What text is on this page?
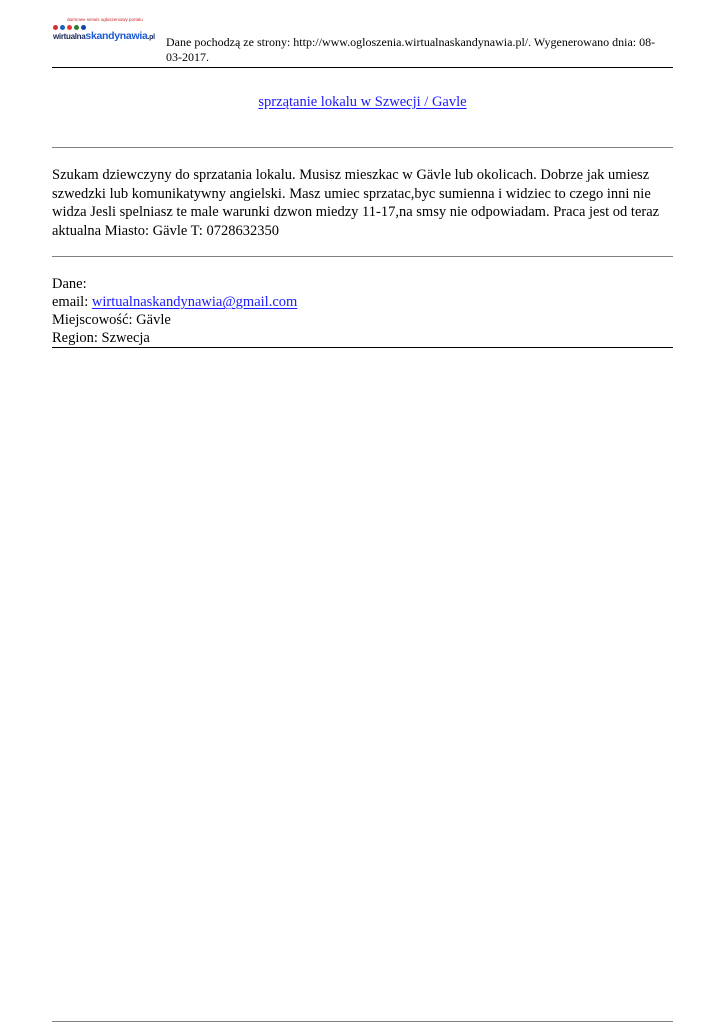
darmowe serwis ogłoszeniowy portalu
wirtualnaskandynawia.pl Dane pochodzą ze strony: http://www.ogloszenia.wirtualnaskandynawia.pl/. Wygenerowano dnia: 08-03-2017.
sprzątanie lokalu w Szwecji / Gavle

Szukam dziewczyny do sprzatania lokalu. Musisz mieszkac w Gävle lub okolicach. Dobrze jak umiesz szwedzki lub komunikatywny angielski. Masz umiec sprzatac,byc sumienna i widziec to czego inni nie widza Jesli spelniasz te male warunki dzwon miedzy 11-17,na smsy nie odpowiadam. Praca jest od teraz aktualna Miasto: Gävle T: 0728632350

Dane:
email: wirtualnaskandynawia@gmail.com
Miejscowość: Gävle
Region: Szwecja
